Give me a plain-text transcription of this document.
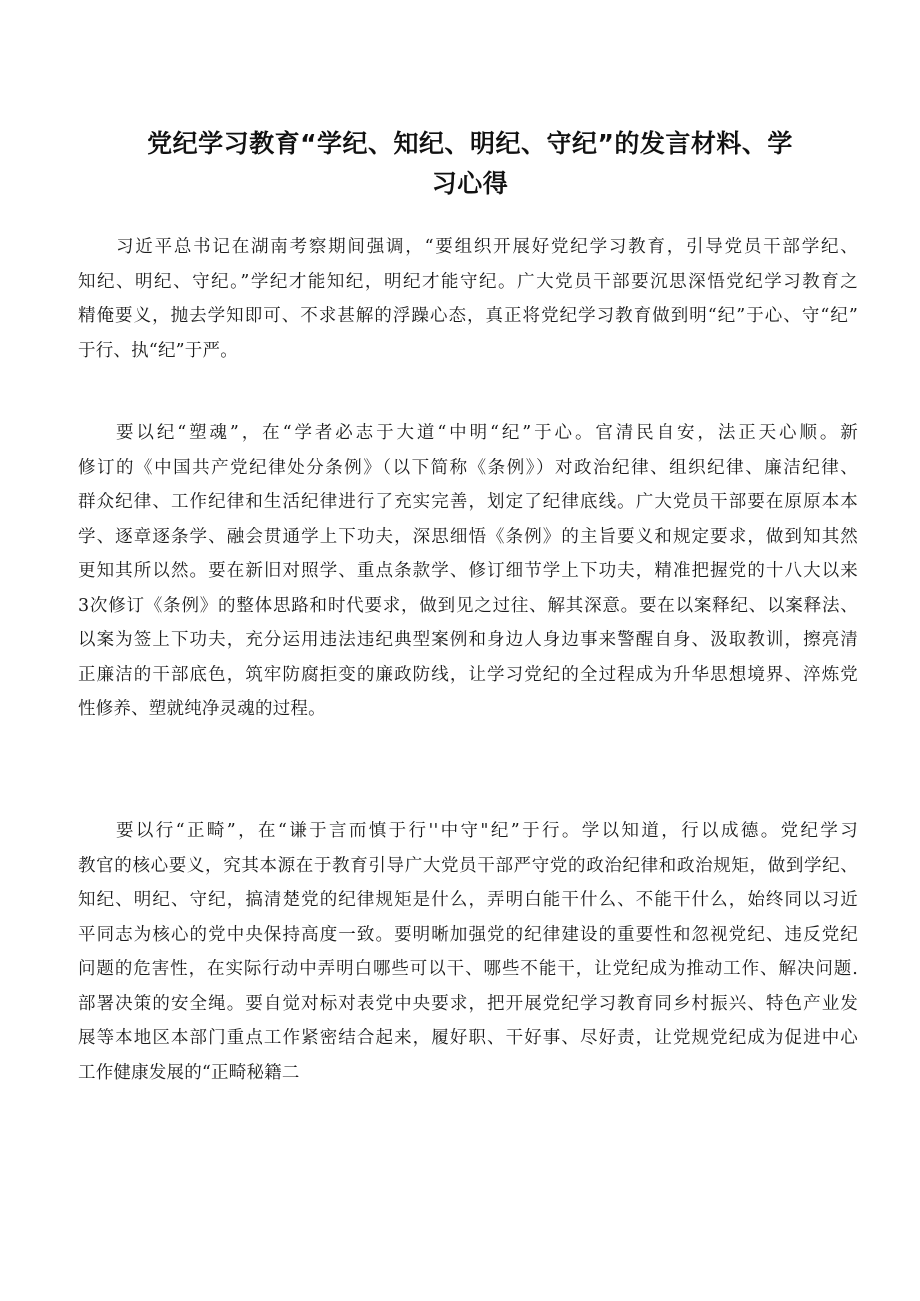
党纪学习教育“学纪、知纪、明纪、守纪”的发言材料、学
习心得
习近平总书记在湖南考察期间强调，“要组织开展好党纪学习教育，引导党员干部学纪、
知纪、明纪、守纪。”学纪才能知纪，明纪才能守纪。广大党员干部要沉思深悟党纪学习教育之
精俺要义，抛去学知即可、不求甚解的浮躁心态，真正将党纪学习教育做到明“纪”于心、守“纪”
于行、执“纪”于严。
要以纪“塑魂”，在“学者必志于大道“中明“纪”于心。官清民自安，法正天心顺。新
修订的《中国共产党纪律处分条例》（以下简称《条例》）对政治纪律、组织纪律、廉洁纪律、
群众纪律、工作纪律和生活纪律进行了充实完善，划定了纪律底线。广大党员干部要在原原本本
学、逐章逐条学、融会贯通学上下功夫，深思细悟《条例》的主旨要义和规定要求，做到知其然
更知其所以然。要在新旧对照学、重点条款学、修订细节学上下功夫，精准把握党的十八大以来
3次修订《条例》的整体思路和时代要求，做到见之过往、解其深意。要在以案释纪、以案释法、
以案为签上下功夫，充分运用违法违纪典型案例和身边人身边事来警醒自身、汲取教训，擦亮清
正廉洁的干部底色，筑牢防腐拒变的廉政防线，让学习党纪的全过程成为升华思想境界、淬炼党
性修养、塑就纯净灵魂的过程。
要以行“正畸”，在“谦于言而慎于行''中守"纪”于行。学以知道，行以成德。党纪学习
教官的核心要义，究其本源在于教育引导广大党员干部严守党的政治纪律和政治规矩，做到学纪、
知纪、明纪、守纪，搞清楚党的纪律规矩是什么，弄明白能干什么、不能干什么，始终同以习近
平同志为核心的党中央保持高度一致。要明晰加强党的纪律建设的重要性和忽视党纪、违反党纪
问题的危害性，在实际行动中弄明白哪些可以干、哪些不能干，让党纪成为推动工作、解决问题.
部署决策的安全绳。要自觉对标对表党中央要求，把开展党纪学习教育同乡村振兴、特色产业发
展等本地区本部门重点工作紧密结合起来，履好职、干好事、尽好责，让党规党纪成为促进中心
工作健康发展的“正畸秘籍二
